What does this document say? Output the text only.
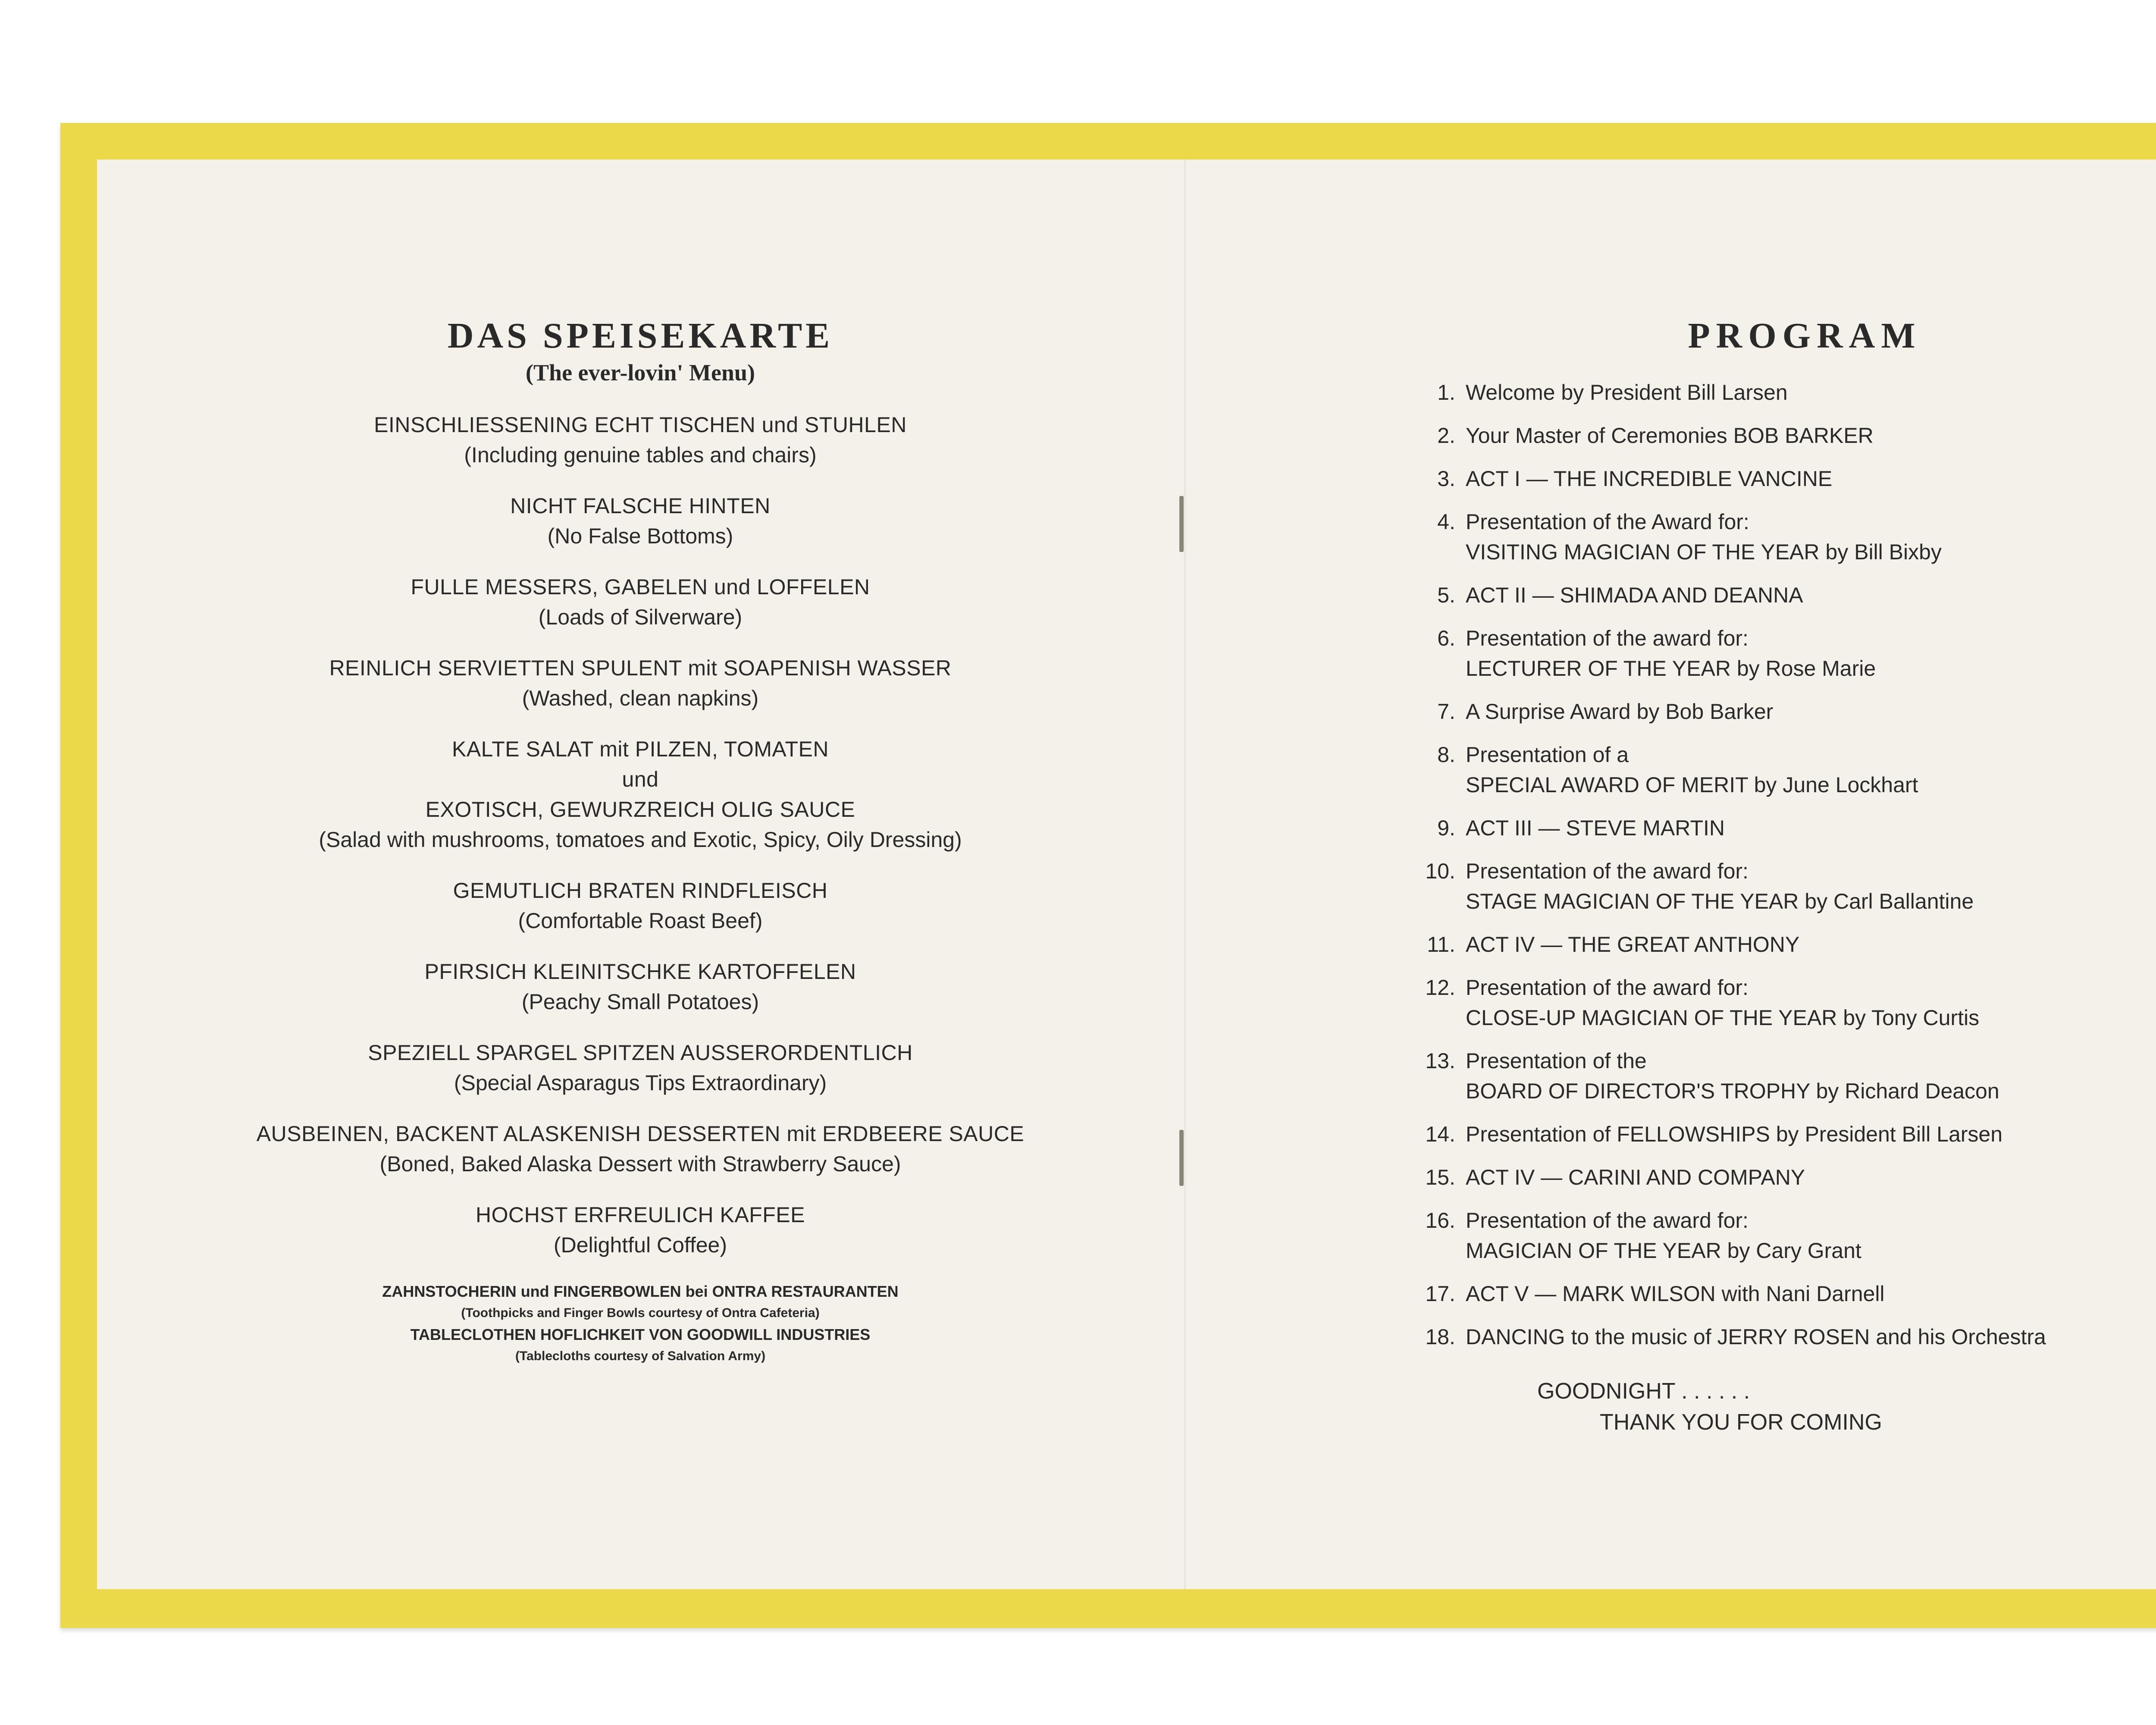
DAS SPEISEKARTE
(The ever-lovin' Menu)
EINSCHLIESSENING ECHT TISCHEN und STUHLEN
(Including genuine tables and chairs)
NICHT FALSCHE HINTEN
(No False Bottoms)
FULLE MESSERS, GABELEN und LOFFELEN
(Loads of Silverware)
REINLICH SERVIETTEN SPULENT mit SOAPENISH WASSER
(Washed, clean napkins)
KALTE SALAT mit PILZEN, TOMATEN
und
EXOTISCH, GEWURZREICH OLIG SAUCE
(Salad with mushrooms, tomatoes and Exotic, Spicy, Oily Dressing)
GEMUTLICH BRATEN RINDFLEISCH
(Comfortable Roast Beef)
PFIRSICH KLEINITSCHKE KARTOFFELEN
(Peachy Small Potatoes)
SPEZIELL SPARGEL SPITZEN AUSSERORDENTLICH
(Special Asparagus Tips Extraordinary)
AUSBEINEN, BACKENT ALASKENISH DESSERTEN mit ERDBEERE SAUCE
(Boned, Baked Alaska Dessert with Strawberry Sauce)
HOCHST ERFREULICH KAFFEE
(Delightful Coffee)
ZAHNSTOCHERIN und FINGERBOWLEN bei ONTRA RESTAURANTEN
(Toothpicks and Finger Bowls courtesy of Ontra Cafeteria)
TABLECLOTHEN HOFLICHKEIT VON GOODWILL INDUSTRIES
(Tablecloths courtesy of Salvation Army)
PROGRAM
1. Welcome by President Bill Larsen
2. Your Master of Ceremonies BOB BARKER
3. ACT I — THE INCREDIBLE VANCINE
4. Presentation of the Award for:
VISITING MAGICIAN OF THE YEAR by Bill Bixby
5. ACT II — SHIMADA AND DEANNA
6. Presentation of the award for:
LECTURER OF THE YEAR by Rose Marie
7. A Surprise Award by Bob Barker
8. Presentation of a
SPECIAL AWARD OF MERIT by June Lockhart
9. ACT III — STEVE MARTIN
10. Presentation of the award for:
STAGE MAGICIAN OF THE YEAR by Carl Ballantine
11. ACT IV — THE GREAT ANTHONY
12. Presentation of the award for:
CLOSE-UP MAGICIAN OF THE YEAR by Tony Curtis
13. Presentation of the
BOARD OF DIRECTOR'S TROPHY by Richard Deacon
14. Presentation of FELLOWSHIPS by President Bill Larsen
15. ACT IV — CARINI AND COMPANY
16. Presentation of the award for:
MAGICIAN OF THE YEAR by Cary Grant
17. ACT V — MARK WILSON with Nani Darnell
18. DANCING to the music of JERRY ROSEN and his Orchestra
GOODNIGHT . . . . . .
THANK YOU FOR COMING
